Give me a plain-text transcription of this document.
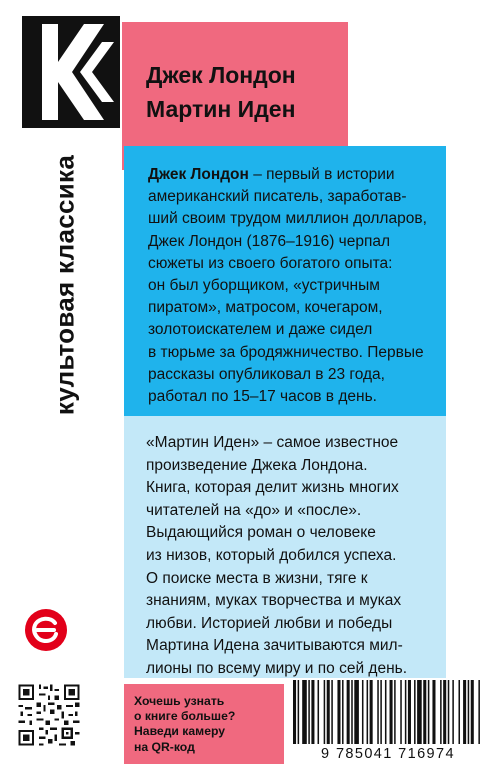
культовая классика
Джек Лондон
Мартин Иден
Джек Лондон – первый в истории
американский писатель, заработав-
ший своим трудом миллион долларов,
Джек Лондон (1876–1916) черпал
сюжеты из своего богатого опыта:
он был уборщиком, «устричным
пиратом», матросом, кочегаром,
золотоискателем и даже сидел
в тюрьме за бродяжничество. Первые
рассказы опубликовал в 23 года,
работал по 15–17 часов в день.
«Мартин Иден» – самое известное
произведение Джека Лондона.
Книга, которая делит жизнь многих
читателей на «до» и «после».
Выдающийся роман о человеке
из низов, который добился успеха.
О поиске места в жизни, тяге к
знаниям, муках творчества и муках
любви. Историей любви и победы
Мартина Идена зачитываются мил-
лионы по всему миру и по сей день.
Хочешь узнать
о книге больше?
Наведи камеру
на QR-код	9 785041 716974
